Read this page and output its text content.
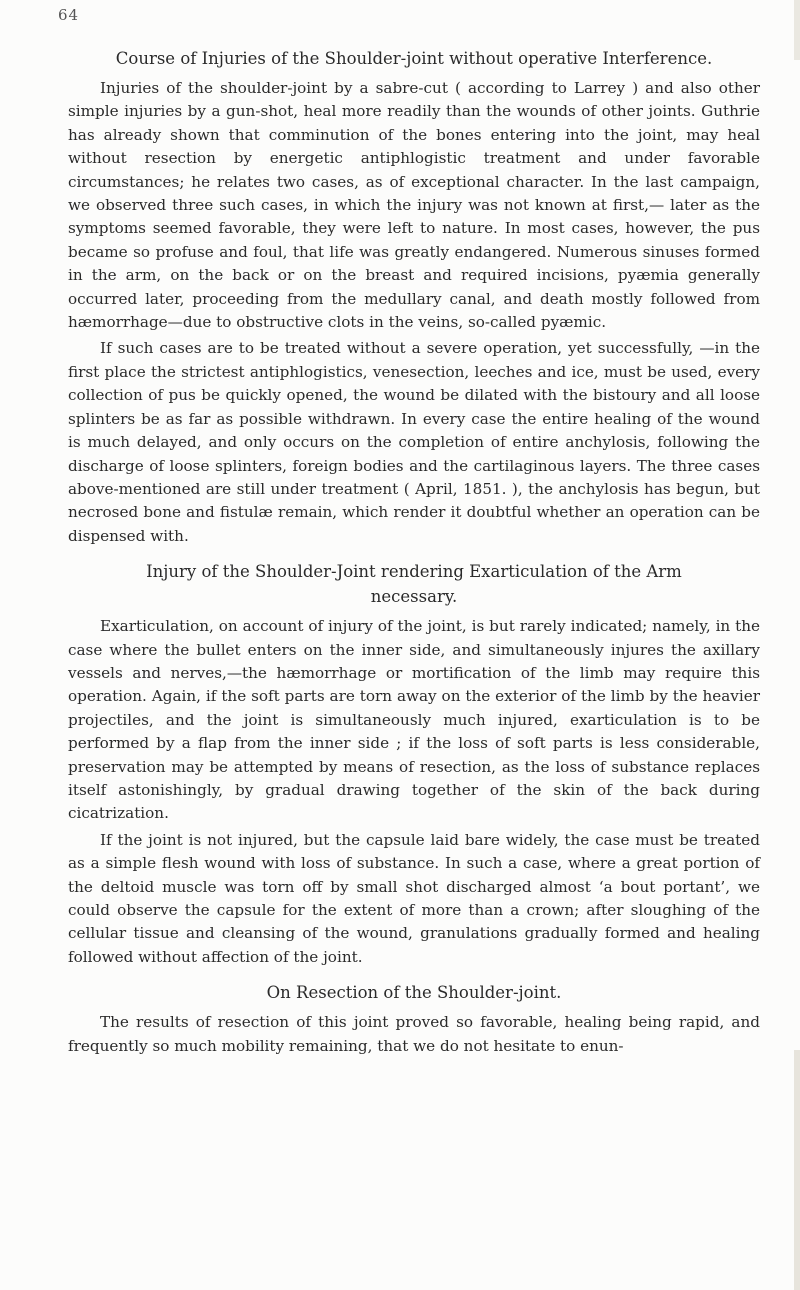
64
Course of Injuries of the Shoulder-joint without operative Interference.

Injuries of the shoulder-joint by a sabre-cut ( according to Larrey ) and also other simple injuries by a gun-shot, heal more readily than the wounds of other joints. Guthrie has already shown that comminution of the bones entering into the joint, may heal without resection by energetic antiphlogistic treatment and under favorable circumstances; he relates two cases, as of exceptional character. In the last campaign, we observed three such cases, in which the injury was not known at first,— later as the symptoms seemed favorable, they were left to nature. In most cases, however, the pus became so profuse and foul, that life was greatly endangered. Numerous sinuses formed in the arm, on the back or on the breast and required incisions, pyæmia generally occurred later, proceeding from the medullary canal, and death mostly followed from hæmorrhage—due to obstructive clots in the veins, so-called pyæmic.

If such cases are to be treated without a severe operation, yet successfully, —in the first place the strictest antiphlogistics, venesection, leeches and ice, must be used, every collection of pus be quickly opened, the wound be dilated with the bistoury and all loose splinters be as far as possible withdrawn. In every case the entire healing of the wound is much delayed, and only occurs on the completion of entire anchylosis, following the discharge of loose splinters, foreign bodies and the cartilaginous layers. The three cases above-mentioned are still under treatment ( April, 1851. ), the anchylosis has begun, but necrosed bone and fistulæ remain, which render it doubtful whether an operation can be dispensed with.

Injury of the Shoulder-Joint rendering Exarticulation of the Arm necessary.

Exarticulation, on account of injury of the joint, is but rarely indicated; namely, in the case where the bullet enters on the inner side, and simultaneously injures the axillary vessels and nerves,—the hæmorrhage or mortification of the limb may require this operation. Again, if the soft parts are torn away on the exterior of the limb by the heavier projectiles, and the joint is simultaneously much injured, exarticulation is to be performed by a flap from the inner side ; if the loss of soft parts is less considerable, preservation may be attempted by means of resection, as the loss of substance replaces itself astonishingly, by gradual drawing together of the skin of the back during cicatrization.

If the joint is not injured, but the capsule laid bare widely, the case must be treated as a simple flesh wound with loss of substance. In such a case, where a great portion of the deltoid muscle was torn off by small shot discharged almost ‘a bout portant’, we could observe the capsule for the extent of more than a crown; after sloughing of the cellular tissue and cleansing of the wound, granulations gradually formed and healing followed without affection of the joint.

On Resection of the Shoulder-joint.

The results of resection of this joint proved so favorable, healing being rapid, and frequently so much mobility remaining, that we do not hesitate to enun-
